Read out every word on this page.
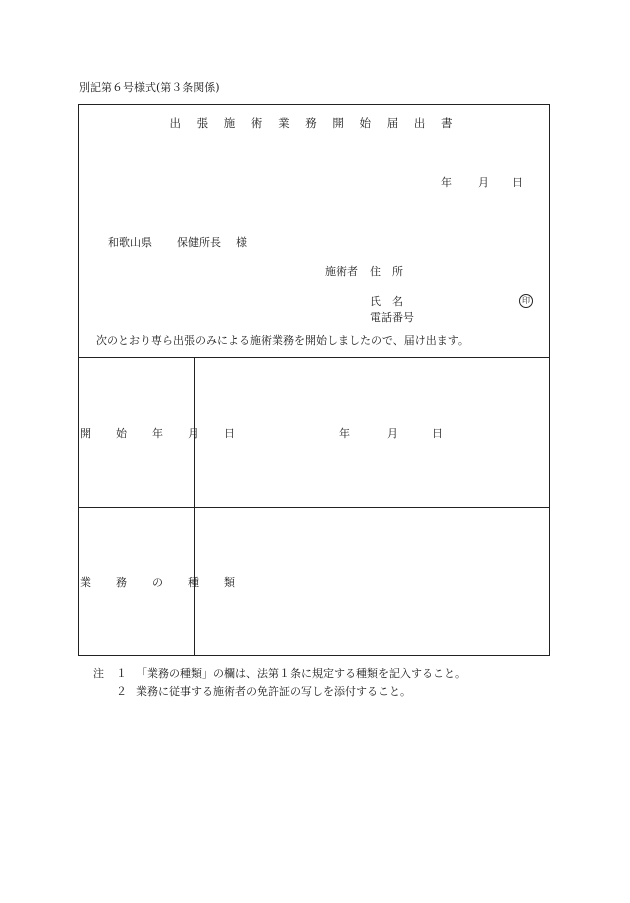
別記第６号様式(第３条関係)
出 張 施 術 業 務 開 始 届 出 書
年 月 日
和歌山県 保健所長 様
施術者 住　所
氏　名	印
電話番号
次のとおり専ら出張のみによる施術業務を開始しましたので、届け出ます。
開　始　年　月　日	年	月	日
業　務　の　種　類
注 １ 「業務の種類」の欄は、法第１条に規定する種類を記入すること。
２ 業務に従事する施術者の免許証の写しを添付すること。
